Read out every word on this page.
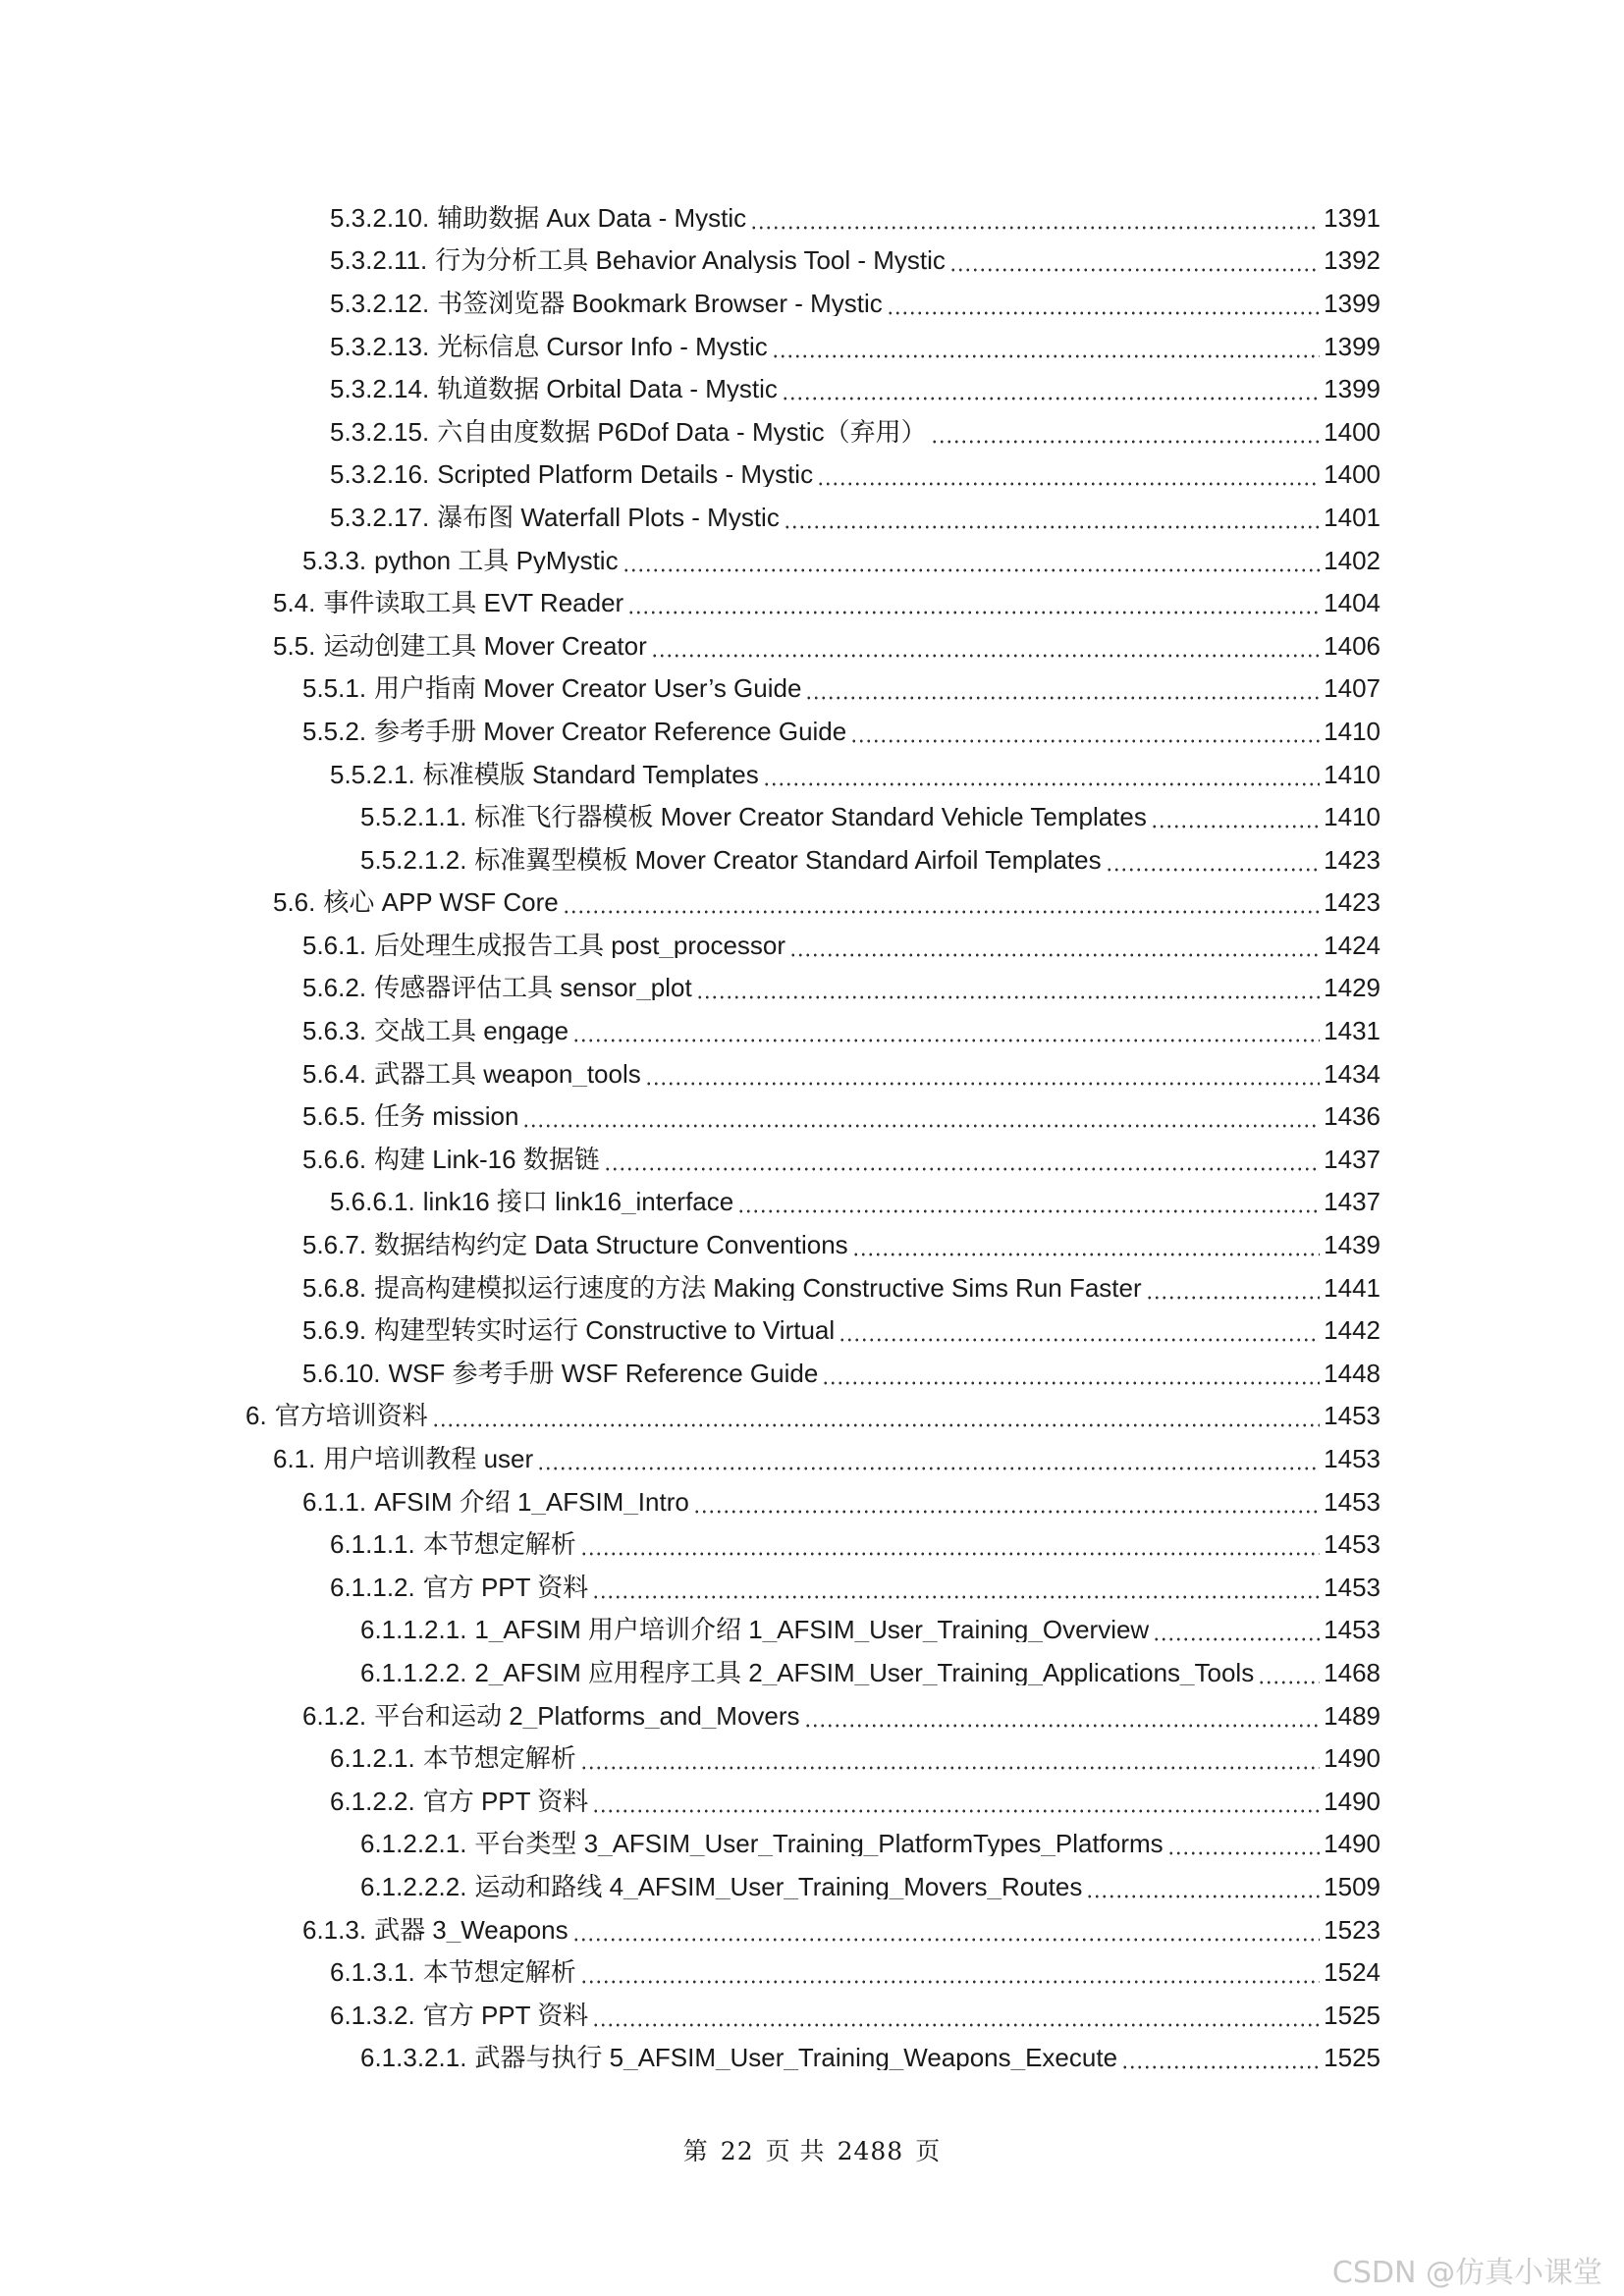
5.3.2.10. 辅助数据 Aux Data - Mystic	1391
5.3.2.11. 行为分析工具 Behavior Analysis Tool - Mystic	1392
5.3.2.12. 书签浏览器 Bookmark Browser - Mystic	1399
5.3.2.13. 光标信息 Cursor Info - Mystic	1399
5.3.2.14. 轨道数据 Orbital Data - Mystic	1399
5.3.2.15. 六自由度数据 P6Dof Data - Mystic（弃用）	1400
5.3.2.16. Scripted Platform Details - Mystic	1400
5.3.2.17. 瀑布图 Waterfall Plots - Mystic	1401
5.3.3. python 工具 PyMystic	1402
5.4. 事件读取工具 EVT Reader	1404
5.5. 运动创建工具 Mover Creator	1406
5.5.1. 用户指南 Mover Creator User’s Guide	1407
5.5.2. 参考手册 Mover Creator Reference Guide	1410
5.5.2.1. 标准模版 Standard Templates	1410
5.5.2.1.1. 标准飞行器模板 Mover Creator Standard Vehicle Templates	1410
5.5.2.1.2. 标准翼型模板 Mover Creator Standard Airfoil Templates	1423
5.6. 核心 APP WSF Core	1423
5.6.1. 后处理生成报告工具 post_processor	1424
5.6.2. 传感器评估工具 sensor_plot	1429
5.6.3. 交战工具 engage	1431
5.6.4. 武器工具 weapon_tools	1434
5.6.5. 任务 mission	1436
5.6.6. 构建 Link-16 数据链	1437
5.6.6.1. link16 接口 link16_interface	1437
5.6.7. 数据结构约定 Data Structure Conventions	1439
5.6.8. 提高构建模拟运行速度的方法 Making Constructive Sims Run Faster	1441
5.6.9. 构建型转实时运行 Constructive to Virtual	1442
5.6.10. WSF 参考手册 WSF Reference Guide	1448
6. 官方培训资料	1453
6.1. 用户培训教程 user	1453
6.1.1. AFSIM 介绍 1_AFSIM_Intro	1453
6.1.1.1. 本节想定解析	1453
6.1.1.2. 官方 PPT 资料	1453
6.1.1.2.1. 1_AFSIM 用户培训介绍 1_AFSIM_User_Training_Overview	1453
6.1.1.2.2. 2_AFSIM 应用程序工具 2_AFSIM_User_Training_Applications_Tools	1468
6.1.2. 平台和运动 2_Platforms_and_Movers	1489
6.1.2.1. 本节想定解析	1490
6.1.2.2. 官方 PPT 资料	1490
6.1.2.2.1. 平台类型 3_AFSIM_User_Training_PlatformTypes_Platforms	1490
6.1.2.2.2. 运动和路线 4_AFSIM_User_Training_Movers_Routes	1509
6.1.3. 武器 3_Weapons	1523
6.1.3.1. 本节想定解析	1524
6.1.3.2. 官方 PPT 资料	1525
6.1.3.2.1. 武器与执行 5_AFSIM_User_Training_Weapons_Execute	1525
第 22 页 共 2488 页
CSDN @仿真小课堂
